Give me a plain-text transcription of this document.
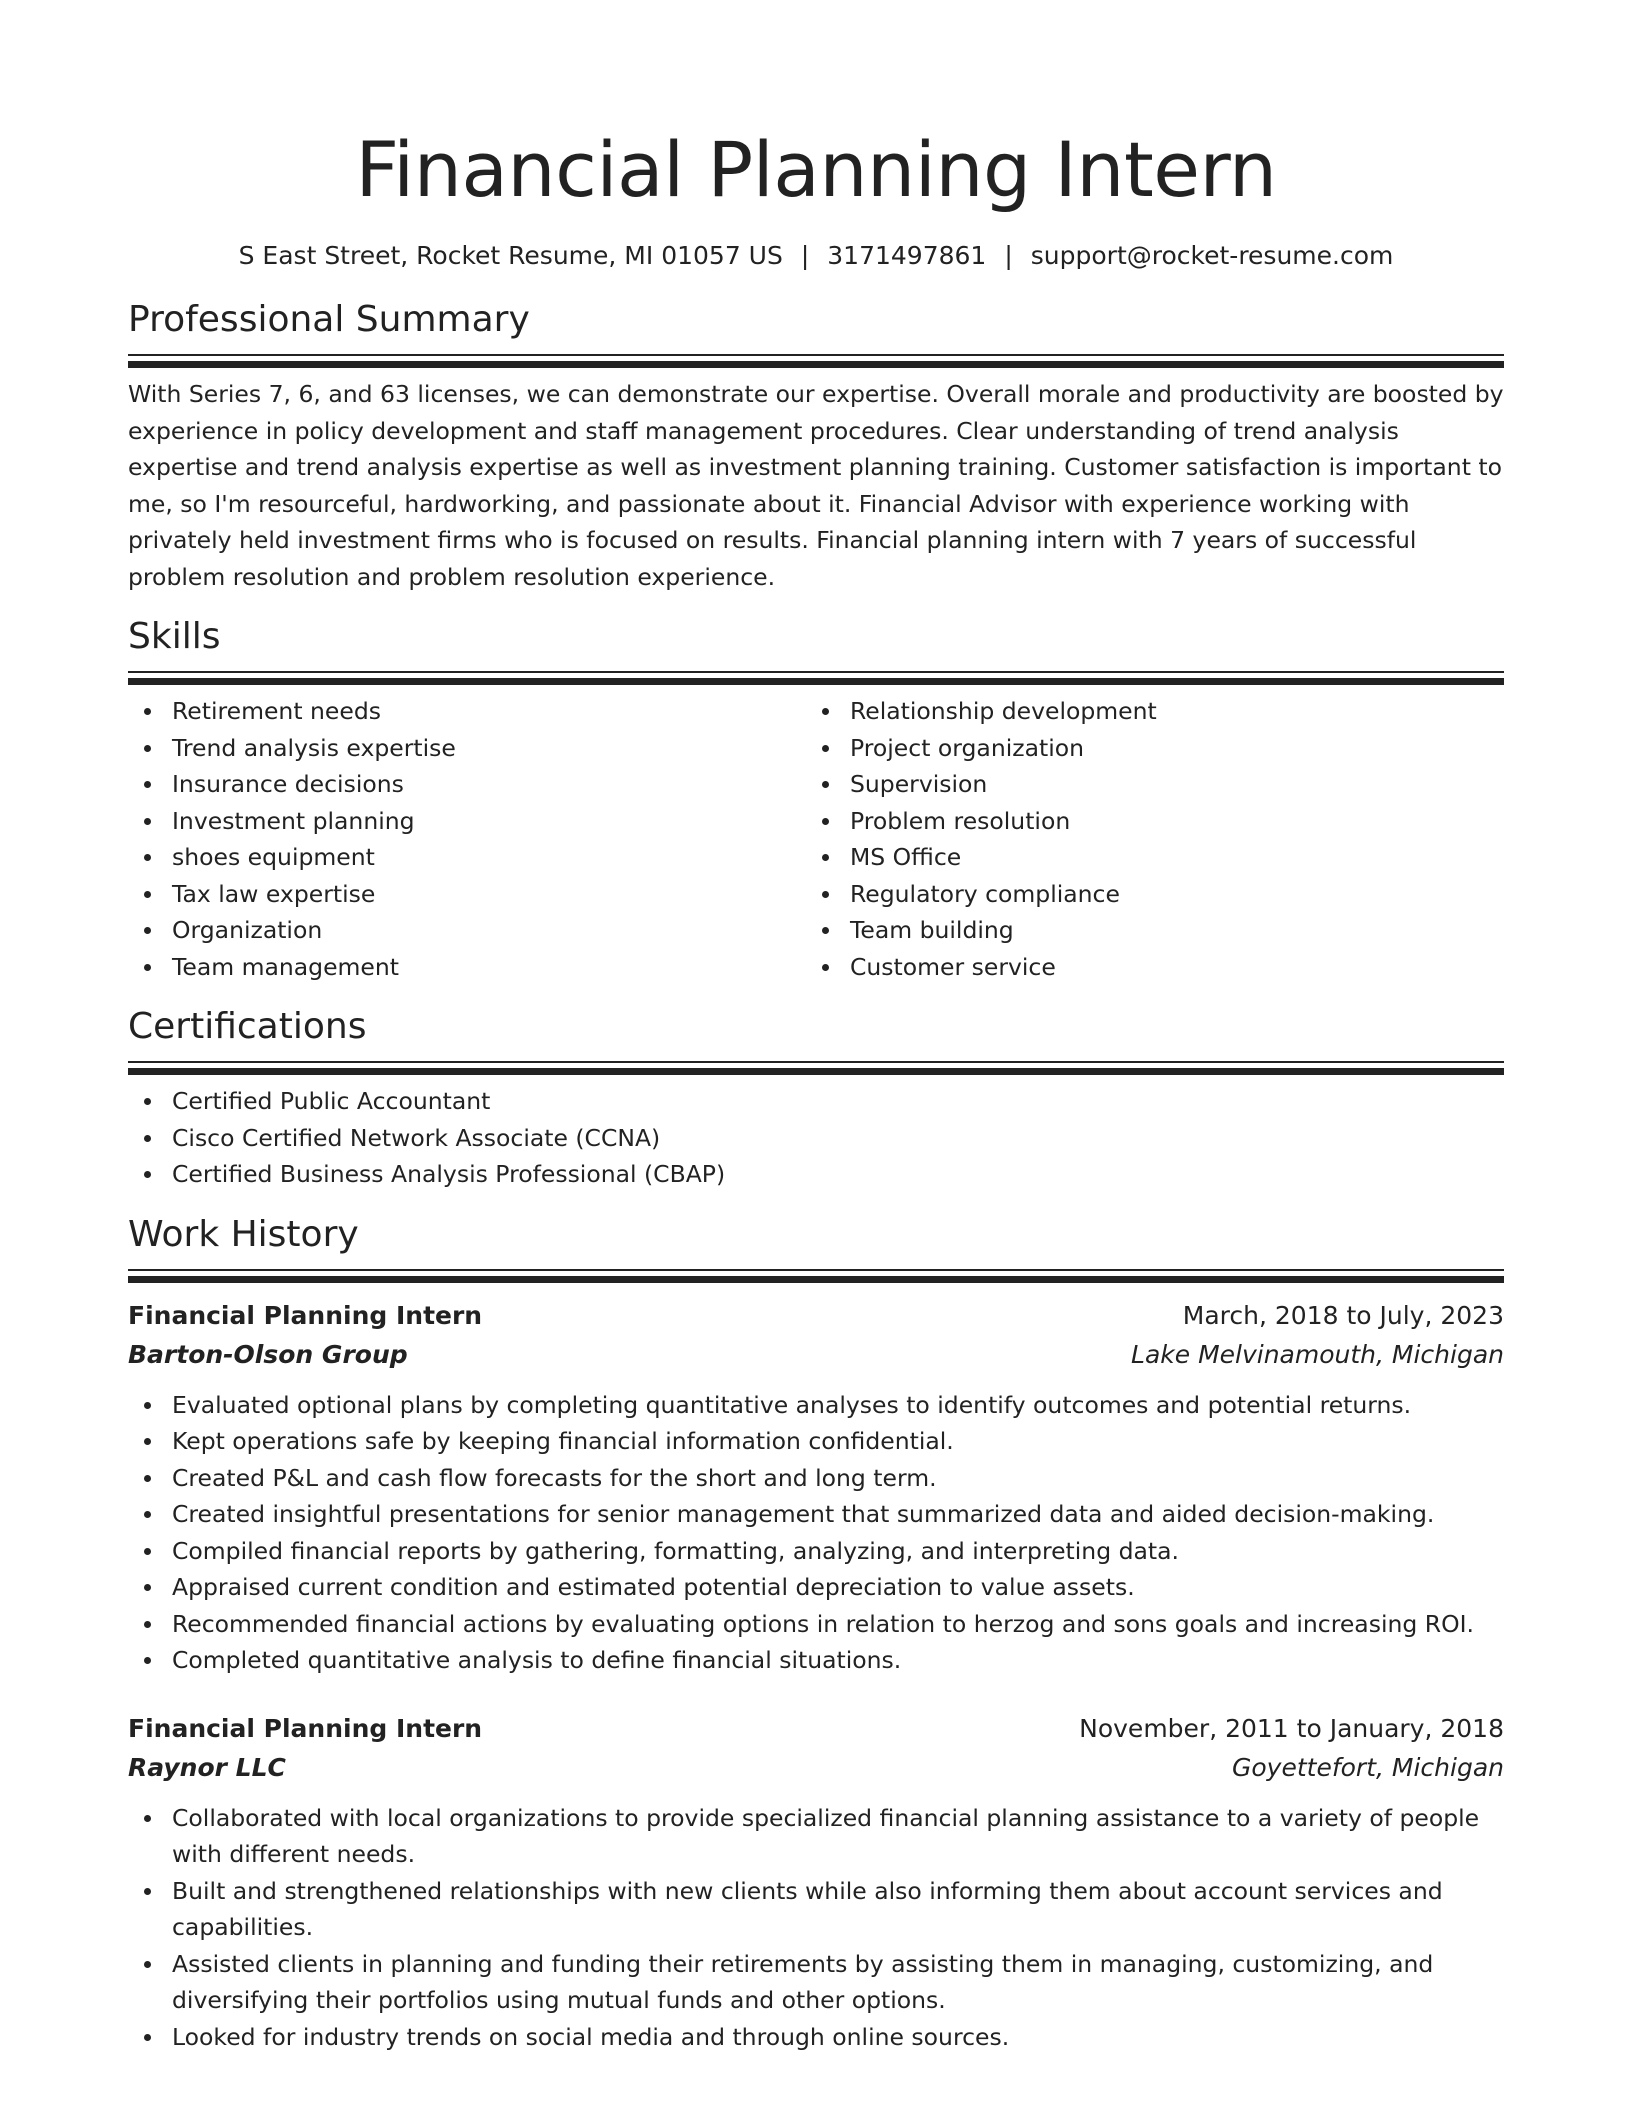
Financial Planning Intern
S East Street, Rocket Resume, MI 01057 US | 3171497861 | support@rocket-resume.com
Professional Summary

With Series 7, 6, and 63 licenses, we can demonstrate our expertise. Overall morale and productivity are boosted by experience in policy development and staff management procedures. Clear understanding of trend analysis expertise and trend analysis expertise as well as investment planning training. Customer satisfaction is important to me, so I'm resourceful, hardworking, and passionate about it. Financial Advisor with experience working with privately held investment firms who is focused on results. Financial planning intern with 7 years of successful problem resolution and problem resolution experience.

Skills
Retirement needs
Trend analysis expertise
Insurance decisions
Investment planning
shoes equipment
Tax law expertise
Organization
Team management
Relationship development
Project organization
Supervision
Problem resolution
MS Office
Regulatory compliance
Team building
Customer service
Certifications
Certified Public Accountant
Cisco Certified Network Associate (CCNA)
Certified Business Analysis Professional (CBAP)
Work History
Financial Planning Intern	March, 2018 to July, 2023
Barton-Olson Group	Lake Melvinamouth, Michigan
Evaluated optional plans by completing quantitative analyses to identify outcomes and potential returns.
Kept operations safe by keeping financial information confidential.
Created P&L and cash flow forecasts for the short and long term.
Created insightful presentations for senior management that summarized data and aided decision-making.
Compiled financial reports by gathering, formatting, analyzing, and interpreting data.
Appraised current condition and estimated potential depreciation to value assets.
Recommended financial actions by evaluating options in relation to herzog and sons goals and increasing ROI.
Completed quantitative analysis to define financial situations.
Financial Planning Intern	November, 2011 to January, 2018
Raynor LLC	Goyettefort, Michigan
Collaborated with local organizations to provide specialized financial planning assistance to a variety of people with different needs.
Built and strengthened relationships with new clients while also informing them about account services and capabilities.
Assisted clients in planning and funding their retirements by assisting them in managing, customizing, and diversifying their portfolios using mutual funds and other options.
Looked for industry trends on social media and through online sources.
